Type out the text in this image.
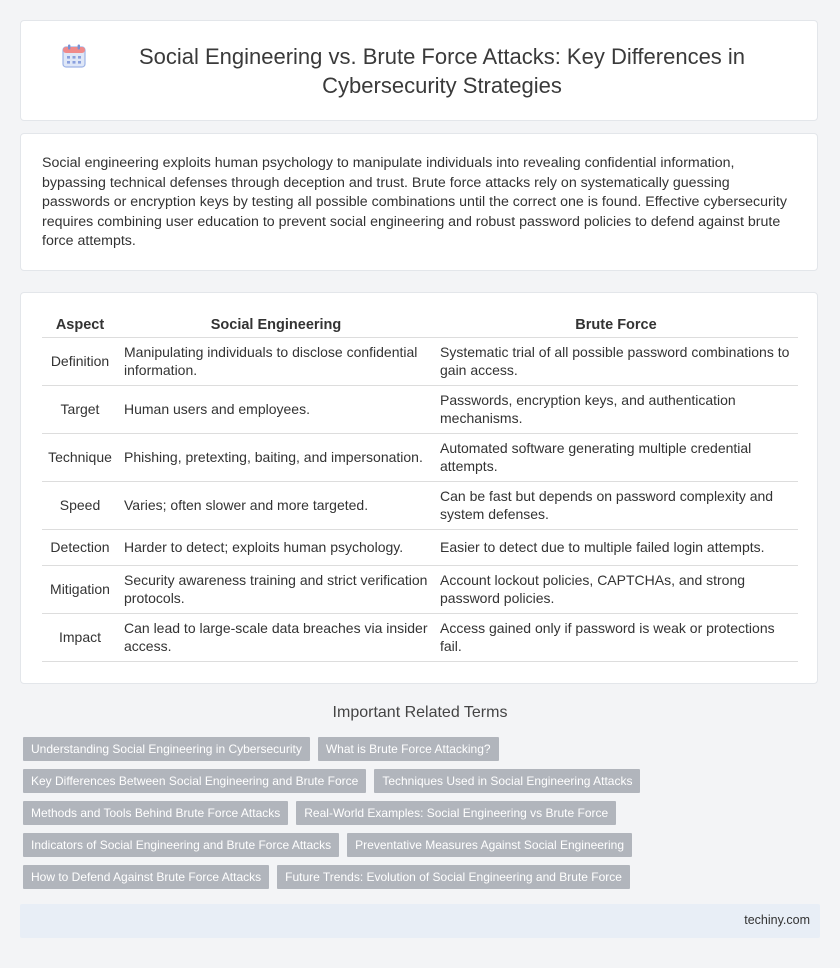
Social Engineering vs. Brute Force Attacks: Key Differences in Cybersecurity Strategies

Social engineering exploits human psychology to manipulate individuals into revealing confidential information, bypassing technical defenses through deception and trust. Brute force attacks rely on systematically guessing passwords or encryption keys by testing all possible combinations until the correct one is found. Effective cybersecurity requires combining user education to prevent social engineering and robust password policies to defend against brute force attempts.

Aspect	Social Engineering	Brute Force
Definition	Manipulating individuals to disclose confidential information.	Systematic trial of all possible password combinations to gain access.
Target	Human users and employees.	Passwords, encryption keys, and authentication mechanisms.
Technique	Phishing, pretexting, baiting, and impersonation.	Automated software generating multiple credential attempts.
Speed	Varies; often slower and more targeted.	Can be fast but depends on password complexity and system defenses.
Detection	Harder to detect; exploits human psychology.	Easier to detect due to multiple failed login attempts.
Mitigation	Security awareness training and strict verification protocols.	Account lockout policies, CAPTCHAs, and strong password policies.
Impact	Can lead to large-scale data breaches via insider access.	Access gained only if password is weak or protections fail.
Important Related Terms
Understanding Social Engineering in Cybersecurity	What is Brute Force Attacking?
Key Differences Between Social Engineering and Brute Force	Techniques Used in Social Engineering Attacks
Methods and Tools Behind Brute Force Attacks	Real-World Examples: Social Engineering vs Brute Force
Indicators of Social Engineering and Brute Force Attacks	Preventative Measures Against Social Engineering
How to Defend Against Brute Force Attacks	Future Trends: Evolution of Social Engineering and Brute Force
techiny.com
